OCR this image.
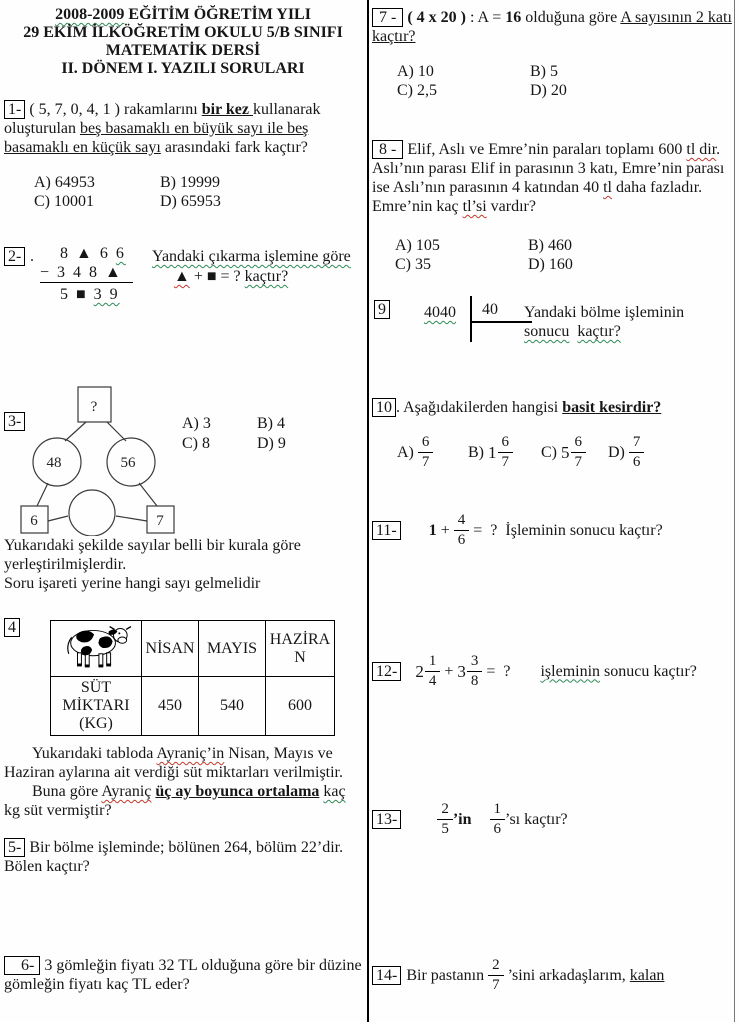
2008-2009 EĞİTİM ÖĞRETİM YILI
29 EKİM İLKÖĞRETİM OKULU 5/B SINIFI
MATEMATİK DERSİ
II. DÖNEM I. YAZILI SORULARI
1- ( 5, 7, 0, 4, 1 ) rakamlarını bir kez kullanarak oluşturulan beş basamaklı en büyük sayı ile beş basamaklı en küçük sayı arasındaki fark kaçtır?
A) 64953	B) 19999
C) 10001	D) 65953
2- . 8 ▲ 6 6
− 3 4 8 ▲
5 ■ 3 9
Yandaki çıkarma işlemine göre
▲ + ■ = ? kaçtır?
3-
?
48	56
6	7
A) 3	B) 4
C) 8	D) 9
Yukarıdaki şekilde sayılar belli bir kurala göre yerleştirilmişlerdir.
Soru işareti yerine hangi sayı gelmelidir
4
	NİSAN	MAYIS	HAZİRAN
SÜT MİKTARI (KG)	450	540	600

Yukarıdaki tabloda Ayraniç’in Nisan, Mayıs ve Haziran aylarına ait verdiği süt miktarları verilmiştir.

Buna göre Ayraniç üç ay boyunca ortalama kaç kg süt vermiştir?

5- Bir bölme işleminde; bölünen 264, bölüm 22’dir. Bölen kaçtır?
6- 3 gömleğin fiyatı 32 TL olduğuna göre bir düzine gömleğin fiyatı kaç TL eder?
7 - ( 4 x 20 ) : A = 16 olduğuna göre A sayısının 2 katı kaçtır?
A) 10	B) 5
C) 2,5	D) 20
8 - Elif, Aslı ve Emre’nin paraları toplamı 600 tl dir. Aslı’nın parası Elif in parasının 3 katı, Emre’nin parası ise Aslı’nın parasının 4 katından 40 tl daha fazladır. Emre’nin kaç tl’si vardır?
A) 105	B) 460
C) 35	D) 160
9 4040	40	Yandaki bölme işleminin
sonucu kaçtır?
10 . Aşağıdakilerden hangisi basit kesirdir?
A)
$\frac{6}{7} B$)
$1 \frac{6}{7} C$)
$5 \frac{6}{7} D$)
$\frac{7}{6}$
11- $1 + \frac{4}{6}$ =  ? İşleminin sonucu kaçtır?
12- $2 \frac{1}{4} + 3 \frac{3}{8}$ =  ? işleminin sonucu kaçtır?
13-	$\frac{2}{5}$ ’in $\frac{1}{6}$ ’sı kaçtır?
14- Bir pastanın $\frac{2}{7}$ ’sini arkadaşlarım, kalan
